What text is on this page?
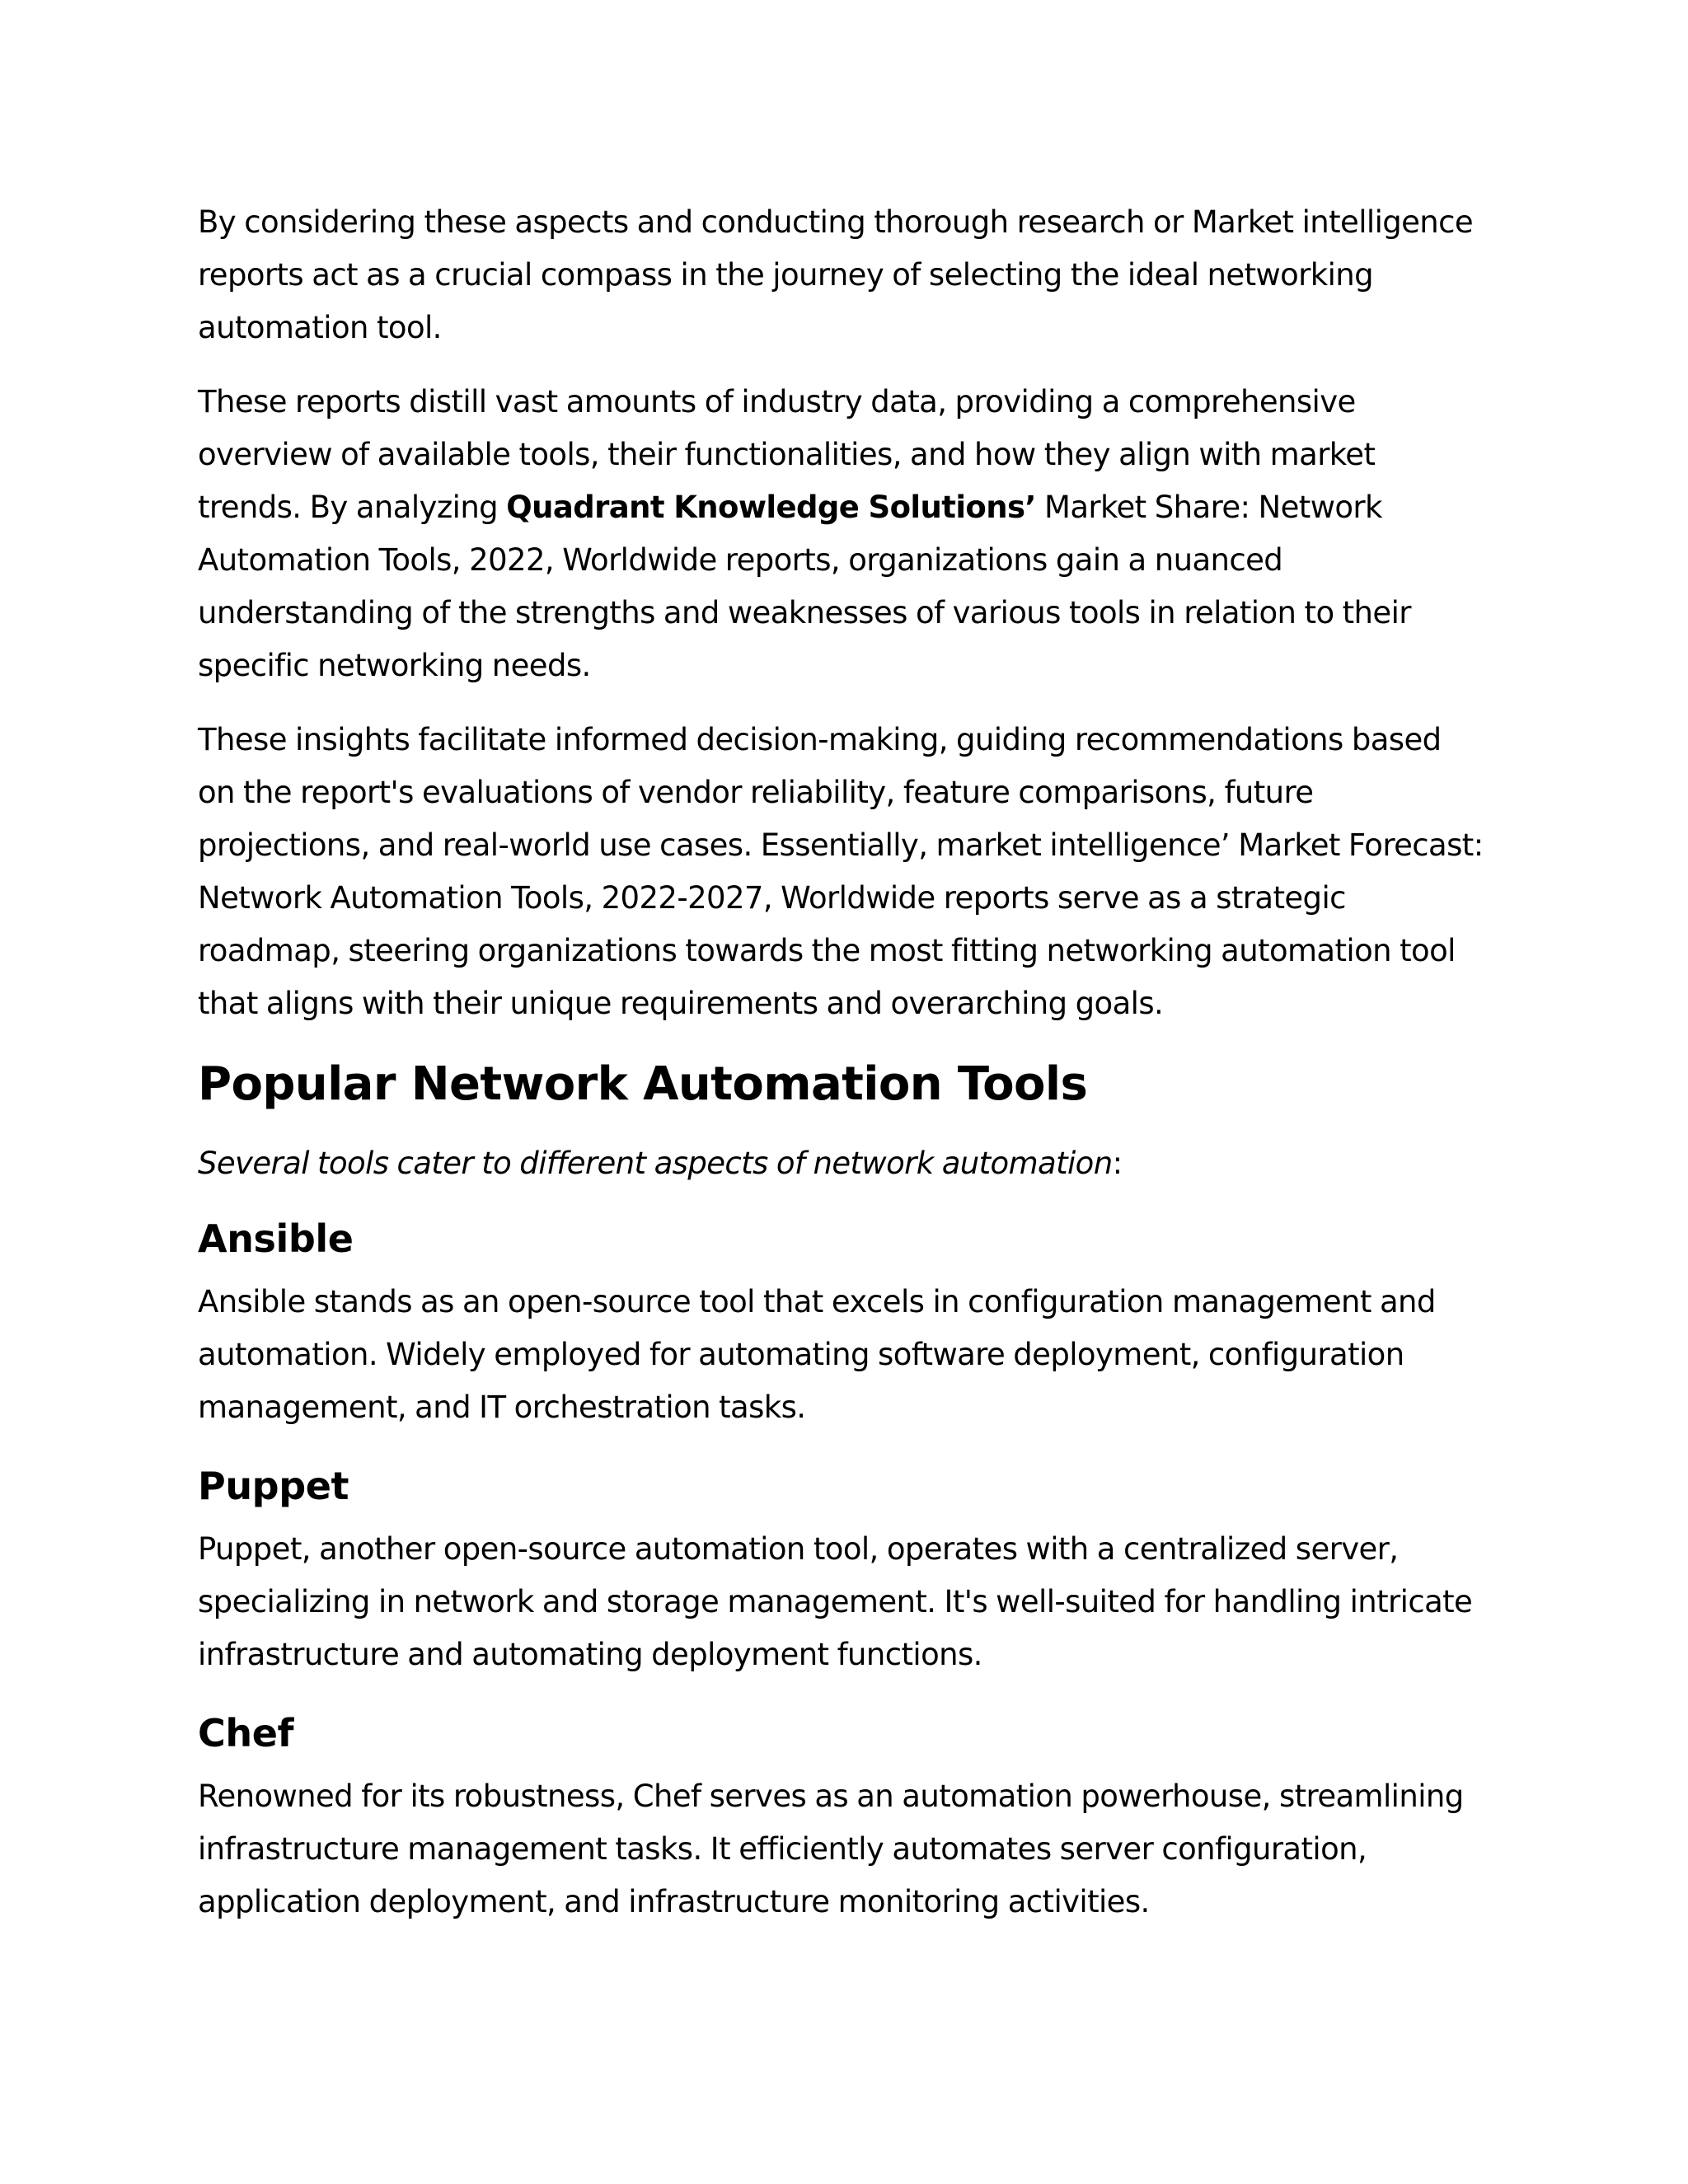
By considering these aspects and conducting thorough research or Market intelligence reports act as a crucial compass in the journey of selecting the ideal networking automation tool.

These reports distill vast amounts of industry data, providing a comprehensive overview of available tools, their functionalities, and how they align with market trends. By analyzing Quadrant Knowledge Solutions’ Market Share: Network Automation Tools, 2022, Worldwide reports, organizations gain a nuanced understanding of the strengths and weaknesses of various tools in relation to their specific networking needs.

These insights facilitate informed decision-making, guiding recommendations based on the report's evaluations of vendor reliability, feature comparisons, future projections, and real-world use cases. Essentially, market intelligence’ Market Forecast: Network Automation Tools, 2022-2027, Worldwide reports serve as a strategic roadmap, steering organizations towards the most fitting networking automation tool that aligns with their unique requirements and overarching goals.

Popular Network Automation Tools

Several tools cater to different aspects of network automation:

Ansible

Ansible stands as an open-source tool that excels in configuration management and automation. Widely employed for automating software deployment, configuration management, and IT orchestration tasks.

Puppet

Puppet, another open-source automation tool, operates with a centralized server, specializing in network and storage management. It's well-suited for handling intricate infrastructure and automating deployment functions.

Chef

Renowned for its robustness, Chef serves as an automation powerhouse, streamlining infrastructure management tasks. It efficiently automates server configuration, application deployment, and infrastructure monitoring activities.
